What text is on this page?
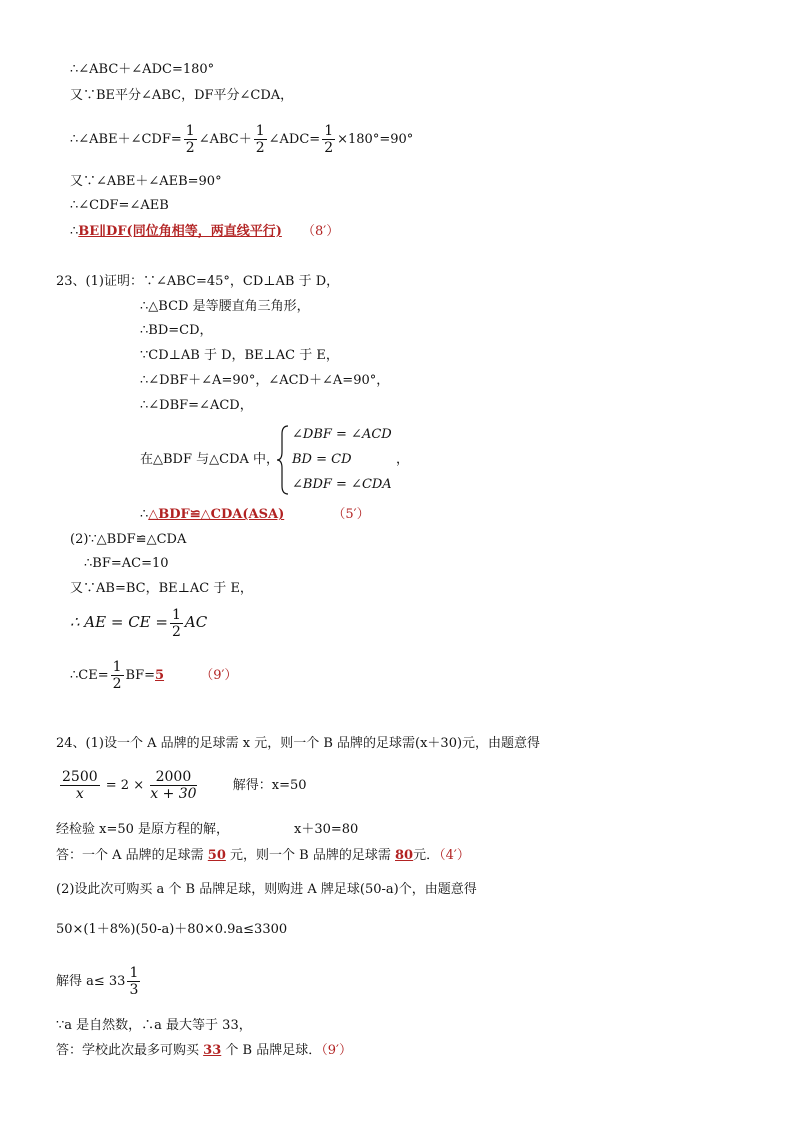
∴∠ABC＋∠ADC=180°
又∵BE平分∠ABC，DF平分∠CDA，
∴∠ABE＋∠CDF= $\frac{1}{2}$ ∠ABC＋ $\frac{1}{2}$ ∠ADC= $\frac{1}{2} \times 180^\circ=90^\circ$
又∵∠ABE＋∠AEB=90°
∴∠CDF=∠AEB
∴BE∥DF(同位角相等，两直线平行) （8′）
23、(1)证明：∵∠ABC=45°，CD⊥AB 于 D，
∴△BCD 是等腰直角三角形，
∴BD=CD，
∵CD⊥AB 于 D，BE⊥AC 于 E，
∴∠DBF＋∠A=90°，∠ACD＋∠A=90°，
∴∠DBF=∠ACD，
在△BDF 与△CDA 中，
∠DBF = ∠ACD
BD = CD
∠BDF = ∠CDA
，
∴△BDF≌△CDA(ASA)	（5′）
(2)∵△BDF≌△CDA
∴BF=AC=10
又∵AB=BC，BE⊥AC 于 E，
∴ AE = CE = $\frac{1}{2}$ AC
∴CE= $\frac{1}{2} BF=5$	（9′）
24、(1)设一个 A 品牌的足球需 x 元，则一个 B 品牌的足球需(x＋30)元，由题意得
$\frac{2500}{x} = 2 \times \frac{2000}{x + 30}$	解得：x=50
经检验 x=50 是原方程的解，	x＋30=80
答：一个 A 品牌的足球需 50 元，则一个 B 品牌的足球需 80元．（4′）
(2)设此次可购买 a 个 B 品牌足球，则购进 A 牌足球(50-a)个，由题意得
50×(1＋8%)(50-a)＋80×0.9a≤3300
解得 $a\le 33 \frac{1}{3}$
∵a 是自然数，∴a 最大等于 33，
答：学校此次最多可购买 33 个 B 品牌足球．（9′）
